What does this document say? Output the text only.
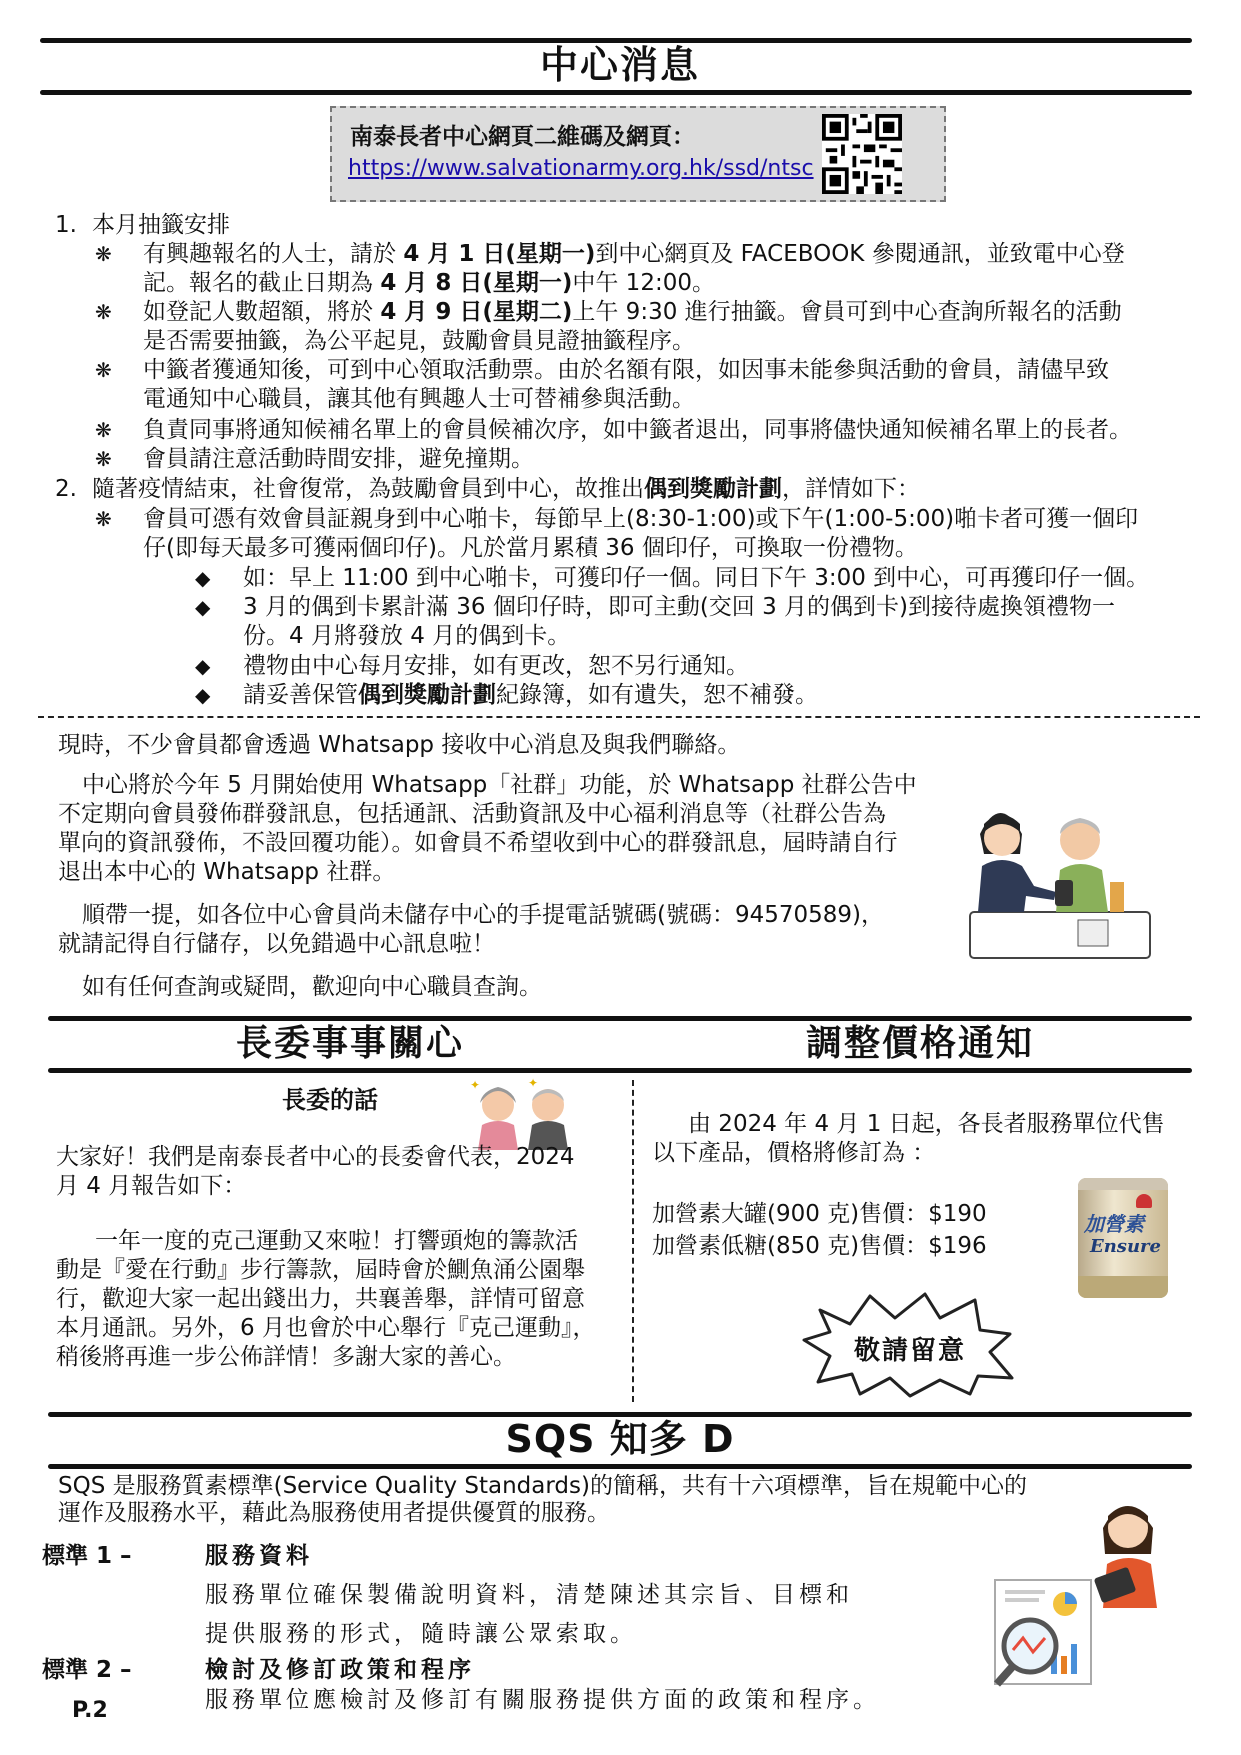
中心消息
南泰長者中心網頁二維碼及網頁：
https://www.salvationarmy.org.hk/ssd/ntsc
1. 本月抽籤安排
❋ 有興趣報名的人士，請於 4 月 1 日(星期一)到中心網頁及 FACEBOOK 參閱通訊，並致電中心登
記。報名的截止日期為 4 月 8 日(星期一)中午 12:00。
❋ 如登記人數超額，將於 4 月 9 日(星期二)上午 9:30 進行抽籤。會員可到中心查詢所報名的活動
是否需要抽籤，為公平起見，鼓勵會員見證抽籤程序。
❋ 中籤者獲通知後，可到中心領取活動票。由於名額有限，如因事未能參與活動的會員，請儘早致
電通知中心職員，讓其他有興趣人士可替補參與活動。
❋ 負責同事將通知候補名單上的會員候補次序，如中籤者退出，同事將儘快通知候補名單上的長者。
❋ 會員請注意活動時間安排，避免撞期。
2. 隨著疫情結束，社會復常，為鼓勵會員到中心，故推出偶到獎勵計劃，詳情如下：
❋ 會員可憑有效會員証親身到中心啪卡，每節早上(8:30-1:00)或下午(1:00-5:00)啪卡者可獲一個印
仔(即每天最多可獲兩個印仔)。凡於當月累積 36 個印仔，可換取一份禮物。
◆ 如：早上 11:00 到中心啪卡，可獲印仔一個。同日下午 3:00 到中心，可再獲印仔一個。
◆ 3 月的偶到卡累計滿 36 個印仔時，即可主動(交回 3 月的偶到卡)到接待處換領禮物一
份。4 月將發放 4 月的偶到卡。
◆ 禮物由中心每月安排，如有更改，恕不另行通知。
◆ 請妥善保管偶到獎勵計劃紀錄簿，如有遺失，恕不補發。
現時，不少會員都會透過 Whatsapp 接收中心消息及與我們聯絡。
中心將於今年 5 月開始使用 Whatsapp「社群」功能，於 Whatsapp 社群公告中
不定期向會員發佈群發訊息，包括通訊、活動資訊及中心福利消息等（社群公告為
單向的資訊發佈，不設回覆功能）。如會員不希望收到中心的群發訊息，屆時請自行
退出本中心的 Whatsapp 社群。
順帶一提，如各位中心會員尚未儲存中心的手提電話號碼(號碼：94570589)，
就請記得自行儲存，以免錯過中心訊息啦！
如有任何查詢或疑問，歡迎向中心職員查詢。
長委事事關心	調整價格通知
長委的話
✦	✦
大家好！我們是南泰長者中心的長委會代表，2024
月 4 月報告如下：
一年一度的克己運動又來啦！打響頭炮的籌款活
動是『愛在行動』步行籌款，屆時會於鰂魚涌公園舉
行，歡迎大家一起出錢出力，共襄善舉，詳情可留意
本月通訊。另外，6 月也會於中心舉行『克己運動』，
稍後將再進一步公佈詳情！多謝大家的善心。
由 2024 年 4 月 1 日起，各長者服務單位代售
以下產品，價格將修訂為 ：
加營素大罐(900 克)售價：$190
加營素低糖(850 克)售價：$196
加營素
Ensure
敬請留意
SQS 知多 D
SQS 是服務質素標準(Service Quality Standards)的簡稱，共有十六項標準，旨在規範中心的
運作及服務水平，藉此為服務使用者提供優質的服務。
標準 1 –	服務資料
服務單位確保製備說明資料，清楚陳述其宗旨、目標和
提供服務的形式，隨時讓公眾索取。
標準 2 –	檢討及修訂政策和程序
服務單位應檢討及修訂有關服務提供方面的政策和程序。
P.2
